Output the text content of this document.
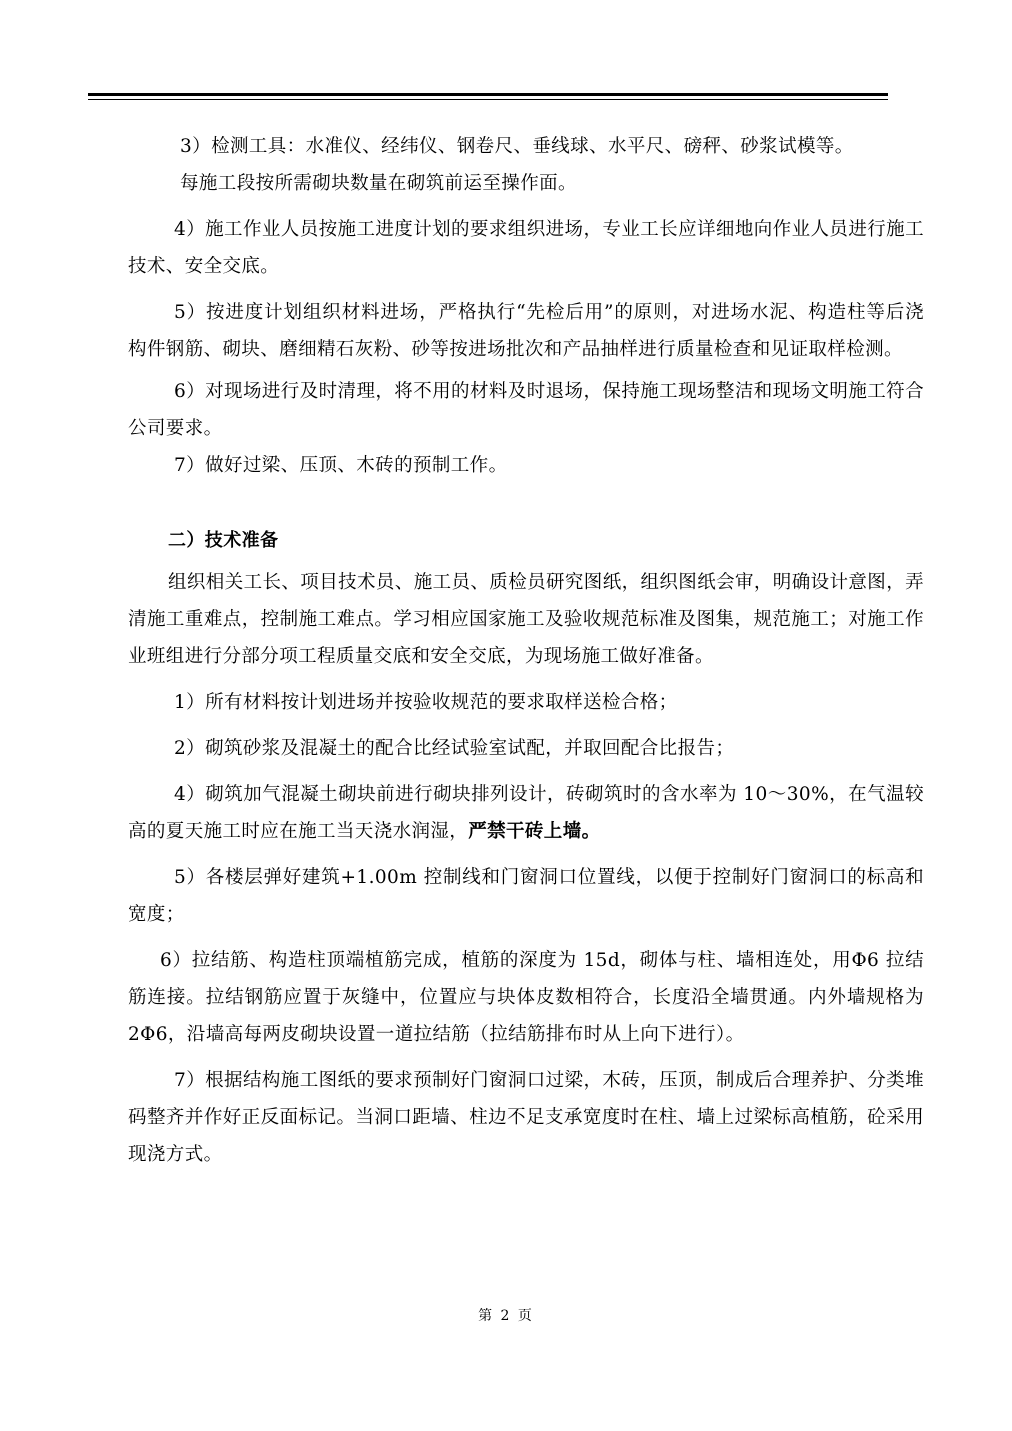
3）检测工具：水准仪、经纬仪、钢卷尺、垂线球、水平尺、磅秤、砂浆试模等。

每施工段按所需砌块数量在砌筑前运至操作面。

4）施工作业人员按施工进度计划的要求组织进场，专业工长应详细地向作业人员进行施工技术、安全交底。

5）按进度计划组织材料进场，严格执行“先检后用”的原则，对进场水泥、构造柱等后浇构件钢筋、砌块、磨细精石灰粉、砂等按进场批次和产品抽样进行质量检查和见证取样检测。

6）对现场进行及时清理，将不用的材料及时退场，保持施工现场整洁和现场文明施工符合公司要求。

7）做好过梁、压顶、木砖的预制工作。

二）技术准备

组织相关工长、项目技术员、施工员、质检员研究图纸，组织图纸会审，明确设计意图，弄清施工重难点，控制施工难点。学习相应国家施工及验收规范标准及图集，规范施工；对施工作业班组进行分部分项工程质量交底和安全交底，为现场施工做好准备。

1）所有材料按计划进场并按验收规范的要求取样送检合格；

2）砌筑砂浆及混凝土的配合比经试验室试配，并取回配合比报告；

4）砌筑加气混凝土砌块前进行砌块排列设计，砖砌筑时的含水率为 10～30%，在气温较高的夏天施工时应在施工当天浇水润湿，严禁干砖上墙。

5）各楼层弹好建筑+1.00m 控制线和门窗洞口位置线，以便于控制好门窗洞口的标高和宽度；

6）拉结筋、构造柱顶端植筋完成，植筋的深度为 15d，砌体与柱、墙相连处，用Φ6 拉结筋连接。拉结钢筋应置于灰缝中，位置应与块体皮数相符合，长度沿全墙贯通。内外墙规格为 2Φ6，沿墙高每两皮砌块设置一道拉结筋（拉结筋排布时从上向下进行）。

7）根据结构施工图纸的要求预制好门窗洞口过梁，木砖，压顶，制成后合理养护、分类堆码整齐并作好正反面标记。当洞口距墙、柱边不足支承宽度时在柱、墙上过梁标高植筋，砼采用现浇方式。

第 2 页
